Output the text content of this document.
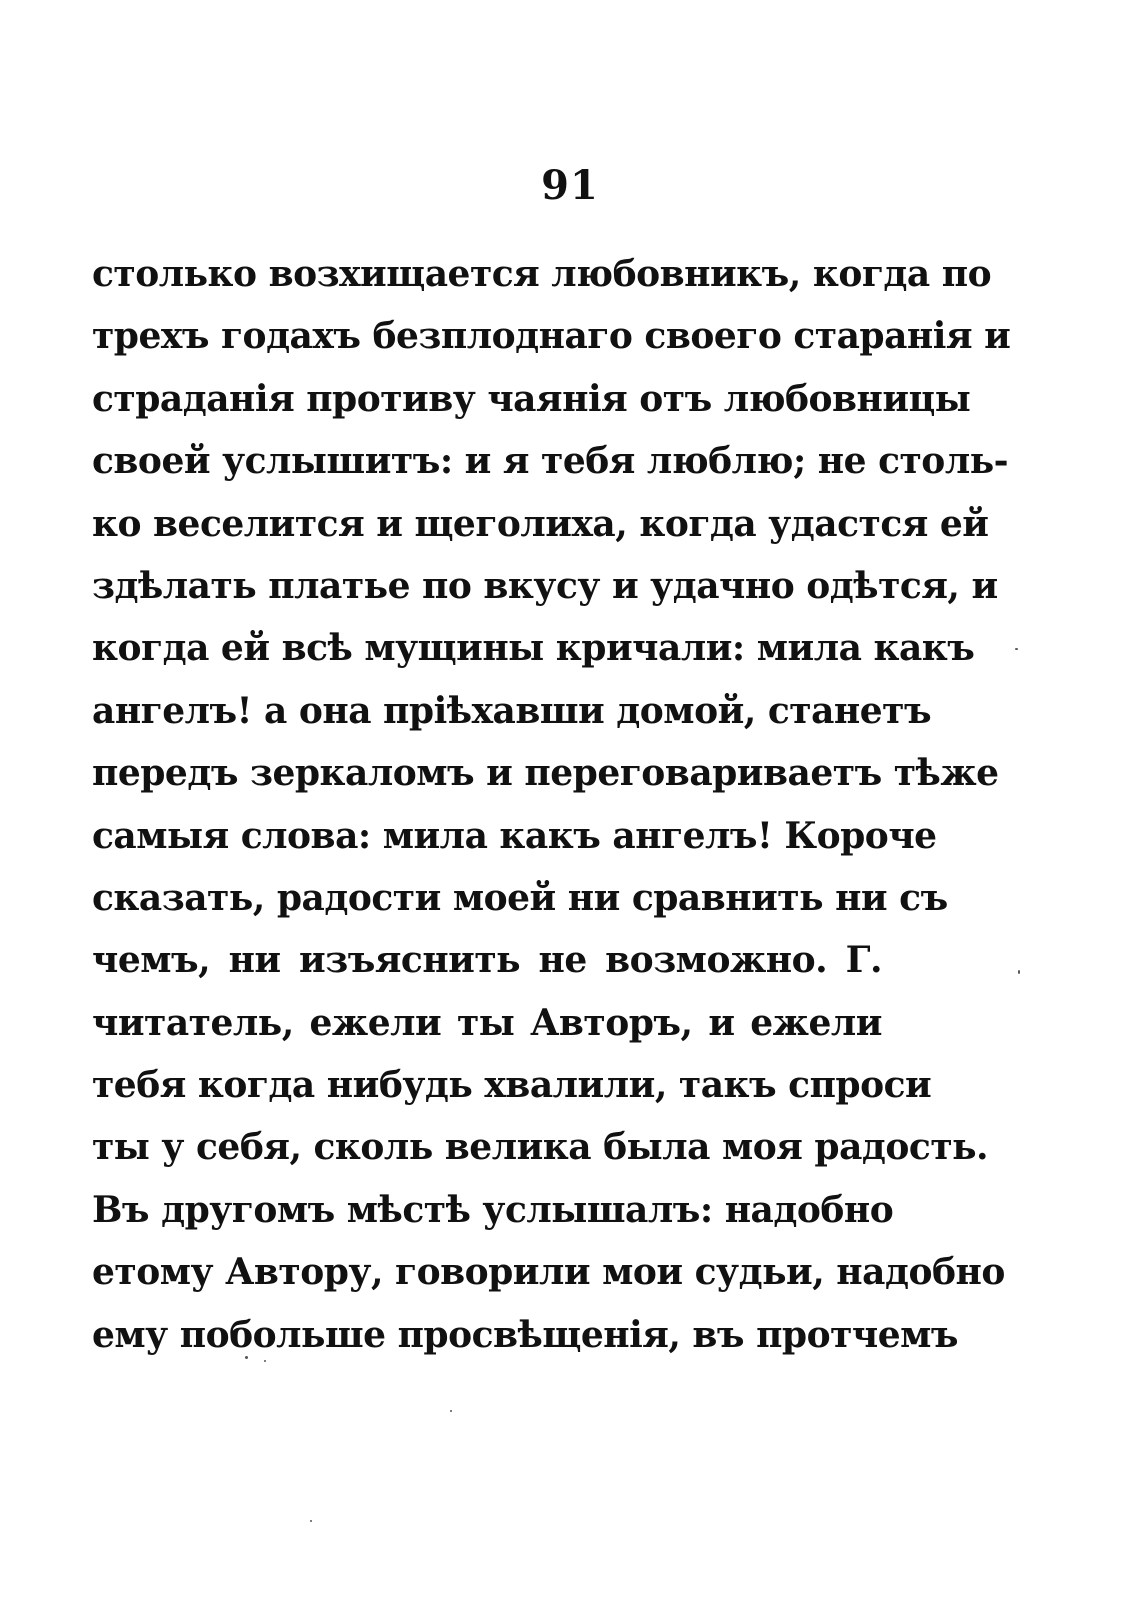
91
столько возхищается любовникъ, когда по
трехъ годахъ безплоднаго своего старанія и
страданія противу чаянія отъ любовницы
своей услышитъ: и я тебя люблю; не столь-
ко веселится и щеголиха, когда удастся ей
здѣлать платье по вкусу и удачно одѣтся, и
когда ей всѣ мущины кричали: мила какъ
ангелъ! а она пріѣхавши домой, станетъ
передъ зеркаломъ и переговариваетъ тѣже
самыя слова: мила какъ ангелъ! Короче
сказать, радости моей ни сравнить ни съ
чемъ, ни изъяснить не возможно. Г.
читатель, ежели ты Авторъ, и ежели
тебя когда нибудь хвалили, такъ спроси
ты у себя, сколь велика была моя радость.
Въ другомъ мѣстѣ услышалъ: надобно
етому Автору, говорили мои судьи, надобно
ему побольше просвѣщенія, въ протчемъ
